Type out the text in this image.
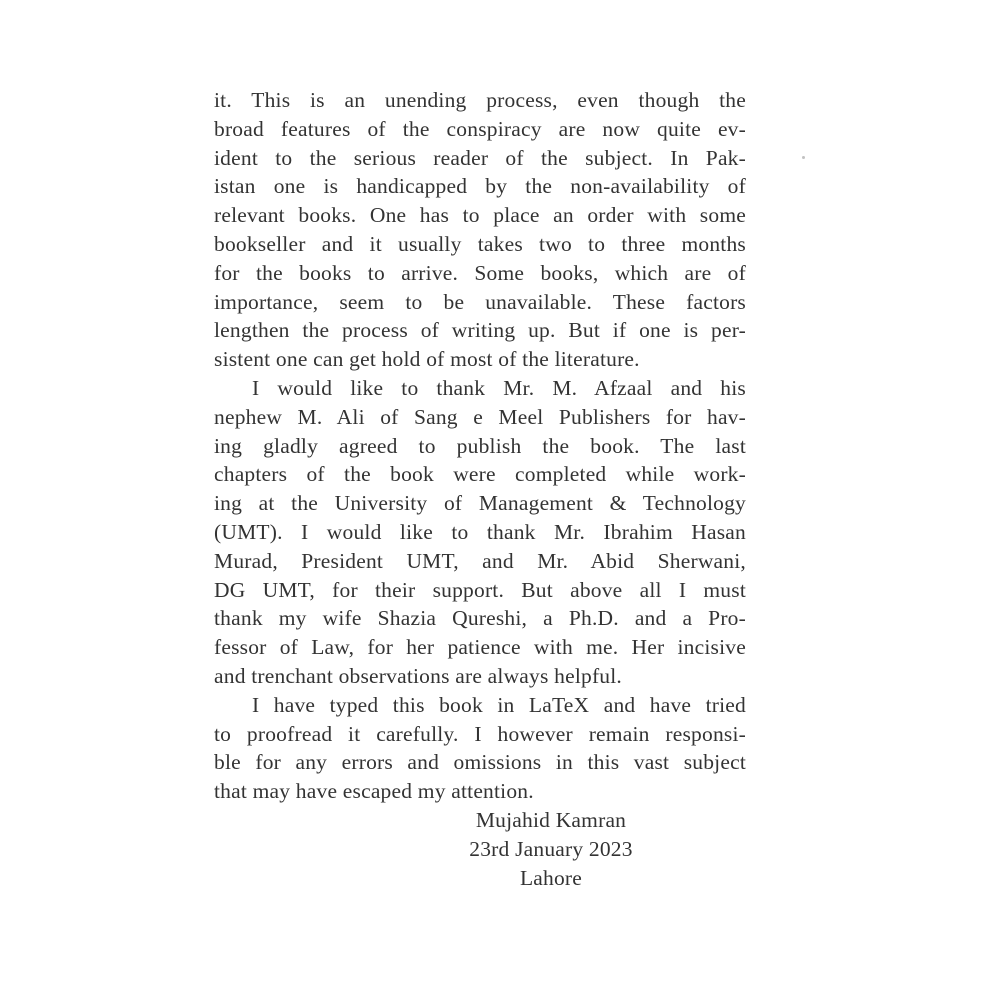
it. This is an unending process, even though the
broad features of the conspiracy are now quite ev-
ident to the serious reader of the subject. In Pak-
istan one is handicapped by the non-availability of
relevant books. One has to place an order with some
bookseller and it usually takes two to three months
for the books to arrive. Some books, which are of
importance, seem to be unavailable. These factors
lengthen the process of writing up. But if one is per-
sistent one can get hold of most of the literature.
I would like to thank Mr. M. Afzaal and his
nephew M. Ali of Sang e Meel Publishers for hav-
ing gladly agreed to publish the book. The last
chapters of the book were completed while work-
ing at the University of Management & Technology
(UMT). I would like to thank Mr. Ibrahim Hasan
Murad, President UMT, and Mr. Abid Sherwani,
DG UMT, for their support. But above all I must
thank my wife Shazia Qureshi, a Ph.D. and a Pro-
fessor of Law, for her patience with me. Her incisive
and trenchant observations are always helpful.
I have typed this book in LaTeX and have tried
to proofread it carefully. I however remain responsi-
ble for any errors and omissions in this vast subject
that may have escaped my attention.
Mujahid Kamran
23rd January 2023
Lahore
